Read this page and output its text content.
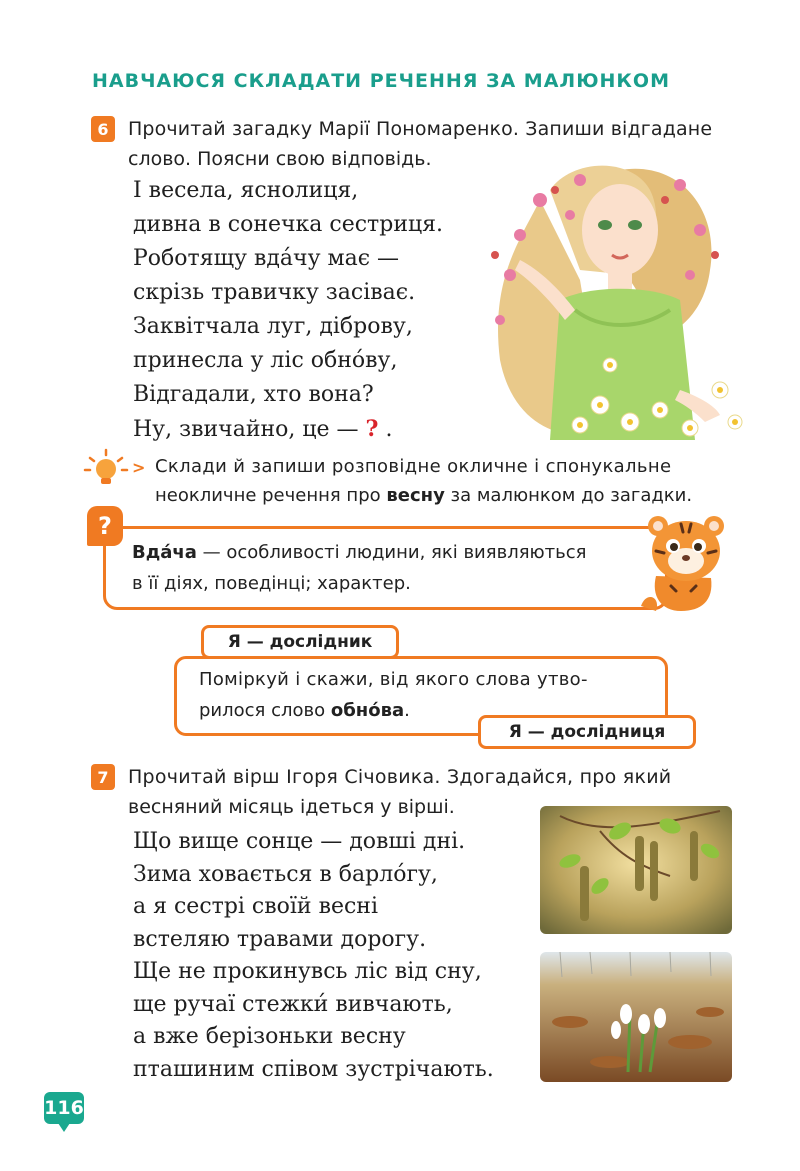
НАВЧАЮСЯ СКЛАДАТИ РЕЧЕННЯ ЗА МАЛЮНКОМ
6	Прочитай загадку Марії Пономаренко. Запиши відгадане
слово. Поясни свою відповідь.
І весела, яснолиця,
дивна в сонечка сестриця.
Роботящу вда́чу має —
скрізь травичку засіває.
Заквітчала луг, діброву,
принесла у ліс обно́ву,
Відгадали, хто вона?
Ну, звичайно, це — ? .
> Склади й запиши розповідне окличне і спонукальне
неокличне речення про весну за малюнком до загадки.
?
Вда́ча — особливості людини, які виявляються
в її діях, поведінці; характер.
Я — дослідник
Я — дослідниця
Поміркуй і скажи, від якого слова утво-
рилося слово обно́ва.
7	Прочитай вірш Ігоря Січовика. Здогадайся, про який
весняний місяць ідеться у вірші.
Що вище сонце — довші дні.
Зима ховається в барло́гу,
а я сестрі своїй весні
встеляю травами дорогу.
Ще не прокинувсь ліс від сну,
ще ручаї стежки́ вивчають,
а вже берізоньки весну
пташиним співом зустрічають.
116
